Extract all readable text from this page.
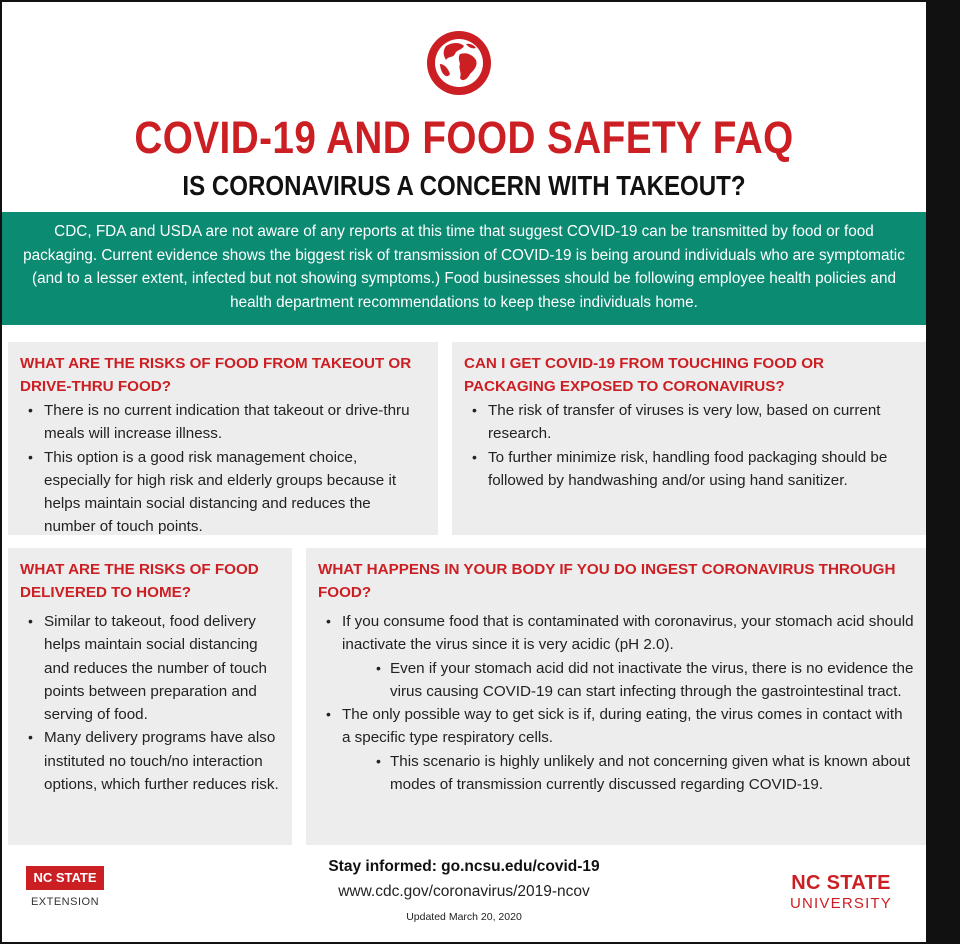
COVID-19 AND FOOD SAFETY FAQ
IS CORONAVIRUS A CONCERN WITH TAKEOUT?

CDC, FDA and USDA are not aware of any reports at this time that suggest COVID-19 can be transmitted by food or food packaging. Current evidence shows the biggest risk of transmission of COVID-19 is being around individuals who are symptomatic (and to a lesser extent, infected but not showing symptoms.) Food businesses should be following employee health policies and health department recommendations to keep these individuals home.

WHAT ARE THE RISKS OF FOOD FROM TAKEOUT OR
DRIVE-THRU FOOD?
• There is no current indication that takeout or drive-thru meals will increase illness.
• This option is a good risk management choice, especially for high risk and elderly groups because it helps maintain social distancing and reduces the number of touch points.
CAN I GET COVID-19 FROM TOUCHING FOOD OR
PACKAGING EXPOSED TO CORONAVIRUS?
• The risk of transfer of viruses is very low, based on current research.
• To further minimize risk, handling food packaging should be followed by handwashing and/or using hand sanitizer.
WHAT ARE THE RISKS OF FOOD
DELIVERED TO HOME?
• Similar to takeout, food delivery helps maintain social distancing and reduces the number of touch points between preparation and serving of food.
• Many delivery programs have also instituted no touch/no interaction options, which further reduces risk.
WHAT HAPPENS IN YOUR BODY IF YOU DO INGEST CORONAVIRUS THROUGH
FOOD?
• If you consume food that is contaminated with coronavirus, your stomach acid should inactivate the virus since it is very acidic (pH 2.0).
• Even if your stomach acid did not inactivate the virus, there is no evidence the virus causing COVID-19 can start infecting through the gastrointestinal tract.
• The only possible way to get sick is if, during eating, the virus comes in contact with a specific type respiratory cells.
• This scenario is highly unlikely and not concerning given what is known about modes of transmission currently discussed regarding COVID-19.
NC STATE
EXTENSION
Stay informed: go.ncsu.edu/covid-19
www.cdc.gov/coronavirus/2019-ncov
Updated March 20, 2020
NC STATE
UNIVERSITY
